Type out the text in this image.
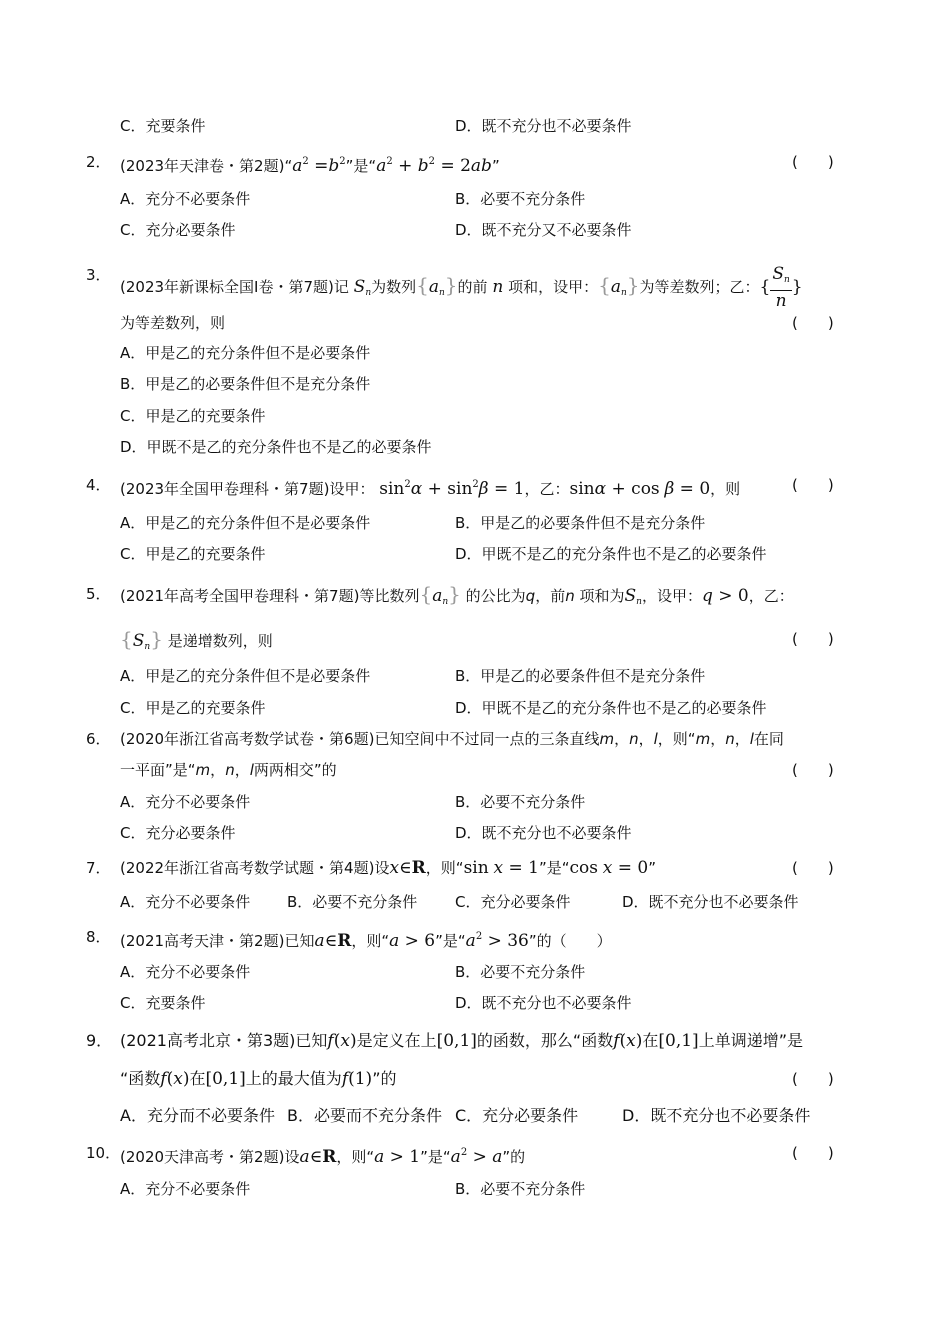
C．充要条件	D．既不充分也不必要条件
2． (2023年天津卷・第2题)“$a^2 =b^2$”是“$a^2 + b^2 = 2ab$”	(　　)
A．充分不必要条件	B．必要不充分条件
C．充分必要条件	D．既不充分又不必要条件
3．
(2023年新课标全国Ⅰ卷・第7题)记 $S_n$为数列$\{a_n\}$的前 n 项和，设甲：$\{a_n\}$为等差数列；乙：{ $\frac{S_n}{n}$ }
为等差数列，则	(　　)
A．甲是乙的充分条件但不是必要条件
B．甲是乙的必要条件但不是充分条件
C．甲是乙的充要条件
D．甲既不是乙的充分条件也不是乙的必要条件
4． (2023年全国甲卷理科・第7题)设甲： $\sin^2\alpha + \sin^2\beta = 1$，乙：sinα + cos β = 0，则	(　　)
A．甲是乙的充分条件但不是必要条件	B．甲是乙的必要条件但不是充分条件
C．甲是乙的充要条件	D．甲既不是乙的充分条件也不是乙的必要条件
5． (2021年高考全国甲卷理科・第7题)等比数列$\{a_n\}$ 的公比为q，前n 项和为$S_n$，设甲：q > 0，乙：
$\{S_n\}$ 是递增数列，则	(　　)
A．甲是乙的充分条件但不是必要条件	B．甲是乙的必要条件但不是充分条件
C．甲是乙的充要条件	D．甲既不是乙的充分条件也不是乙的必要条件
6． (2020年浙江省高考数学试卷・第6题)已知空间中不过同一点的三条直线m，n，l，则“m，n，l在同
一平面”是“m，n，l两两相交”的	(　　)
A．充分不必要条件	B．必要不充分条件
C．充分必要条件	D．既不充分也不必要条件
7． (2022年浙江省高考数学试题・第4题)设x∈R，则“sin x = 1”是“cos x = 0”	(　　)
A．充分不必要条件 B．必要不充分条件	C．充分必要条件	D．既不充分也不必要条件
8． (2021高考天津・第2题)已知a∈R，则“a > 6”是“$a^2 > 36$”的（　　）
A．充分不必要条件	B．必要不充分条件
C．充要条件	D．既不充分也不必要条件
9． (2021高考北京・第3题)已知f(x)是定义在上[0,1]的函数，那么“函数f(x)在[0,1]上单调递增”是
“函数f(x)在[0,1]上的最大值为f(1)”的	(　　)
A．充分而不必要条件 B．必要而不充分条件 C．充分必要条件	D．既不充分也不必要条件
10． (2020天津高考・第2题)设a∈R，则“a > 1”是“$a^2 > a$”的	(　　)
A．充分不必要条件	B．必要不充分条件
